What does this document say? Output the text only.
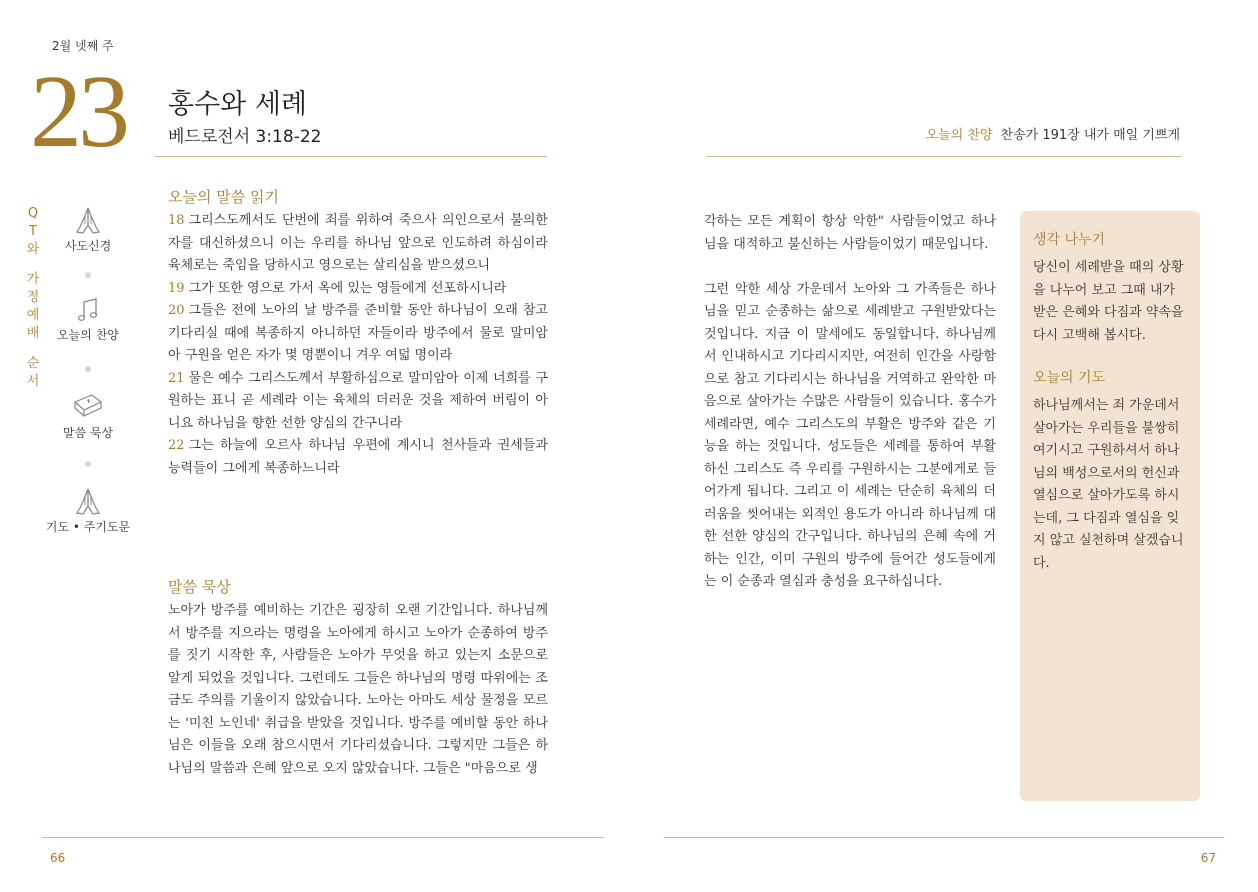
2월 넷째 주
23 홍수와 세례
베드로전서 3:18-22	오늘의 찬양 찬송가 191장 내가 매일 기쁘게
Q
T
와
가
정
예
배
순
서
사도신경
오늘의 찬양
말씀 묵상
기도 • 주기도문
오늘의 말씀 읽기
18 그리스도께서도 단번에 죄를 위하여 죽으사 의인으로서 불의한 자를 대신하셨으니 이는 우리를 하나님 앞으로 인도하려 하심이라 육체로는 죽임을 당하시고 영으로는 살리심을 받으셨으니
19 그가 또한 영으로 가서 옥에 있는 영들에게 선포하시니라
20 그들은 전에 노아의 날 방주를 준비할 동안 하나님이 오래 참고 기다리실 때에 복종하지 아니하던 자들이라 방주에서 물로 말미암아 구원을 얻은 자가 몇 명뿐이니 겨우 여덟 명이라
21 물은 예수 그리스도께서 부활하심으로 말미암아 이제 너희를 구원하는 표니 곧 세례라 이는 육체의 더러운 것을 제하여 버림이 아니요 하나님을 향한 선한 양심의 간구니라
22 그는 하늘에 오르사 하나님 우편에 계시니 천사들과 권세들과 능력들이 그에게 복종하느니라
말씀 묵상
노아가 방주를 예비하는 기간은 굉장히 오랜 기간입니다. 하나님께서 방주를 지으라는 명령을 노아에게 하시고 노아가 순종하여 방주를 짓기 시작한 후, 사람들은 노아가 무엇을 하고 있는지 소문으로 알게 되었을 것입니다. 그런데도 그들은 하나님의 명령 따위에는 조금도 주의를 기울이지 않았습니다. 노아는 아마도 세상 물정을 모르는 '미친 노인네' 취급을 받았을 것입니다. 방주를 예비할 동안 하나님은 이들을 오래 참으시면서 기다리셨습니다. 그렇지만 그들은 하나님의 말씀과 은혜 앞으로 오지 않았습니다. 그들은 "마음으로 생

각하는 모든 계획이 항상 악한" 사람들이었고 하나님을 대적하고 불신하는 사람들이었기 때문입니다.

그런 악한 세상 가운데서 노아와 그 가족들은 하나님을 믿고 순종하는 삶으로 세례받고 구원받았다는 것입니다. 지금 이 말세에도 동일합니다. 하나님께서 인내하시고 기다리시지만, 여전히 인간을 사랑함으로 참고 기다리시는 하나님을 거역하고 완악한 마음으로 살아가는 수많은 사람들이 있습니다. 홍수가 세례라면, 예수 그리스도의 부활은 방주와 같은 기능을 하는 것입니다. 성도들은 세례를 통하여 부활하신 그리스도 즉 우리를 구원하시는 그분에게로 들어가게 됩니다. 그리고 이 세례는 단순히 육체의 더러움을 씻어내는 외적인 용도가 아니라 하나님께 대한 선한 양심의 간구입니다. 하나님의 은혜 속에 거하는 인간, 이미 구원의 방주에 들어간 성도들에게는 이 순종과 열심과 충성을 요구하십니다.

생각 나누기
당신이 세례받을 때의 상황을 나누어 보고 그때 내가 받은 은혜와 다짐과 약속을 다시 고백해 봅시다.
오늘의 기도
하나님께서는 죄 가운데서 살아가는 우리들을 불쌍히 여기시고 구원하셔서 하나님의 백성으로서의 헌신과 열심으로 살아가도록 하시는데, 그 다짐과 열심을 잊지 않고 실천하며 살겠습니다.
66	67
